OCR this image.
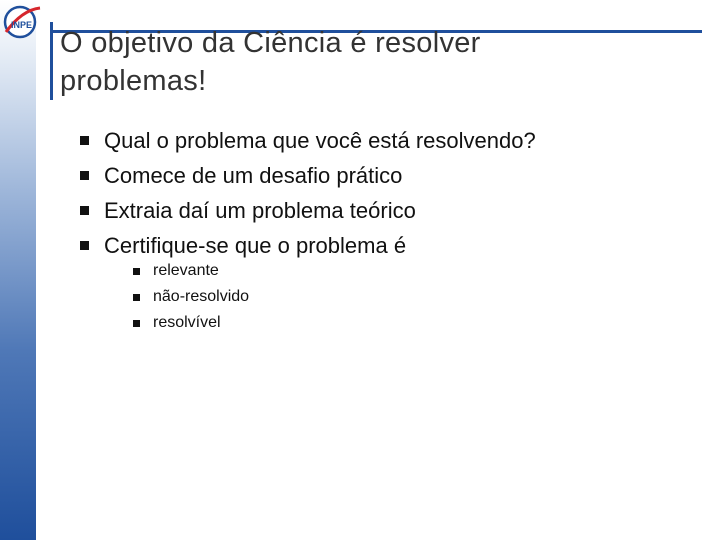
INPE
O objetivo da Ciência é resolver
problemas!
Qual o problema que você está resolvendo?
Comece de um desafio prático
Extraia daí um problema teórico
Certifique-se que o problema é
relevante
não-resolvido
resolvível
